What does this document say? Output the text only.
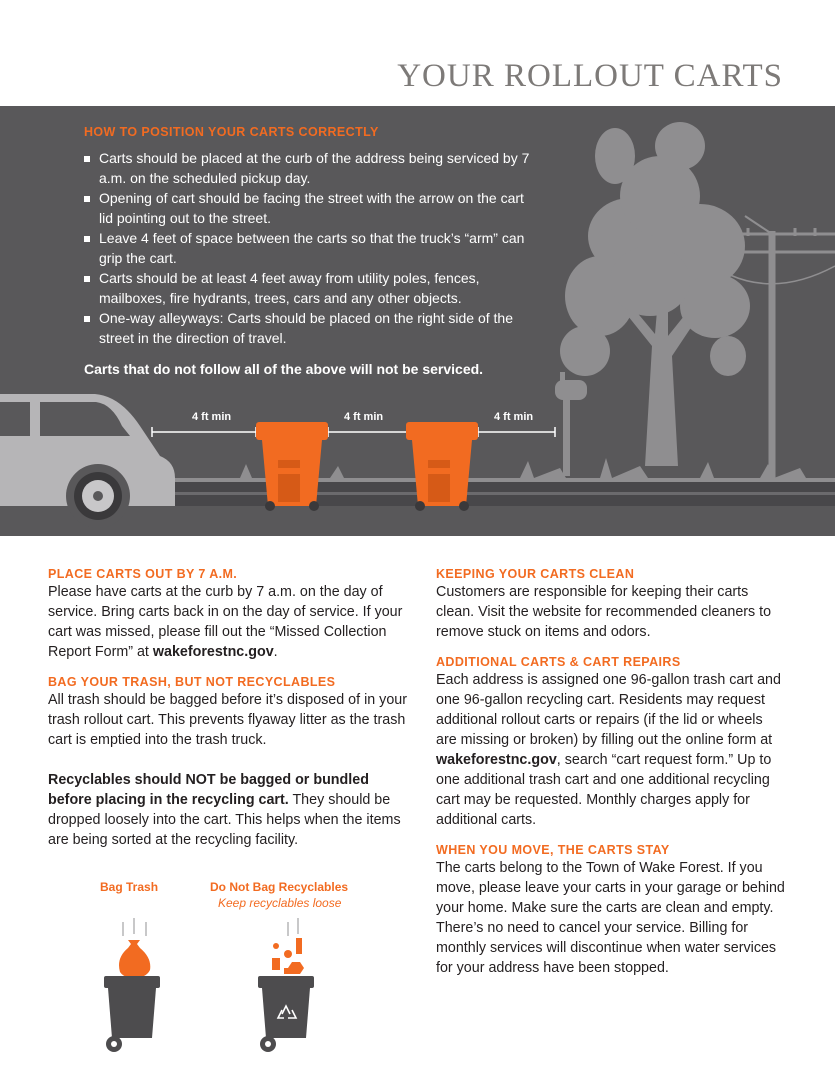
YOUR ROLLOUT CARTS
HOW TO POSITION YOUR CARTS CORRECTLY
Carts should be placed at the curb of the address being serviced by 7 a.m. on the scheduled pickup day.
Opening of cart should be facing the street with the arrow on the cart lid pointing out to the street.
Leave 4 feet of space between the carts so that the truck’s “arm” can grip the cart.
Carts should be at least 4 feet away from utility poles, fences, mailboxes, fire hydrants, trees, cars and any other objects.
One-way alleyways: Carts should be placed on the right side of the street in the direction of travel.
Carts that do not follow all of the above will not be serviced.
4 ft min	4 ft min	4 ft min
PLACE CARTS OUT BY 7 A.M.

Please have carts at the curb by 7 a.m. on the day of service. Bring carts back in on the day of service. If your cart was missed, please fill out the “Missed Collection Report Form” at wakeforestnc.gov.

BAG YOUR TRASH, BUT NOT RECYCLABLES

All trash should be bagged before it’s disposed of in your trash rollout cart. This prevents flyaway litter as the trash cart is emptied into the trash truck.

Recyclables should NOT be bagged or bundled before placing in the recycling cart. They should be dropped loosely into the cart. This helps when the items are being sorted at the recycling facility.

Bag Trash	Do Not Bag Recyclables
Keep recyclables loose
KEEPING YOUR CARTS CLEAN

Customers are responsible for keeping their carts clean. Visit the website for recommended cleaners to remove stuck on items and odors.

ADDITIONAL CARTS & CART REPAIRS

Each address is assigned one 96-gallon trash cart and one 96-gallon recycling cart. Residents may request additional rollout carts or repairs (if the lid or wheels are missing or broken) by filling out the online form at wakeforestnc.gov, search “cart request form.” Up to one additional trash cart and one additional recycling cart may be requested. Monthly charges apply for additional carts.

WHEN YOU MOVE, THE CARTS STAY

The carts belong to the Town of Wake Forest. If you move, please leave your carts in your garage or behind your home. Make sure the carts are clean and empty. There’s no need to cancel your service. Billing for monthly services will discontinue when water services for your address have been stopped.
